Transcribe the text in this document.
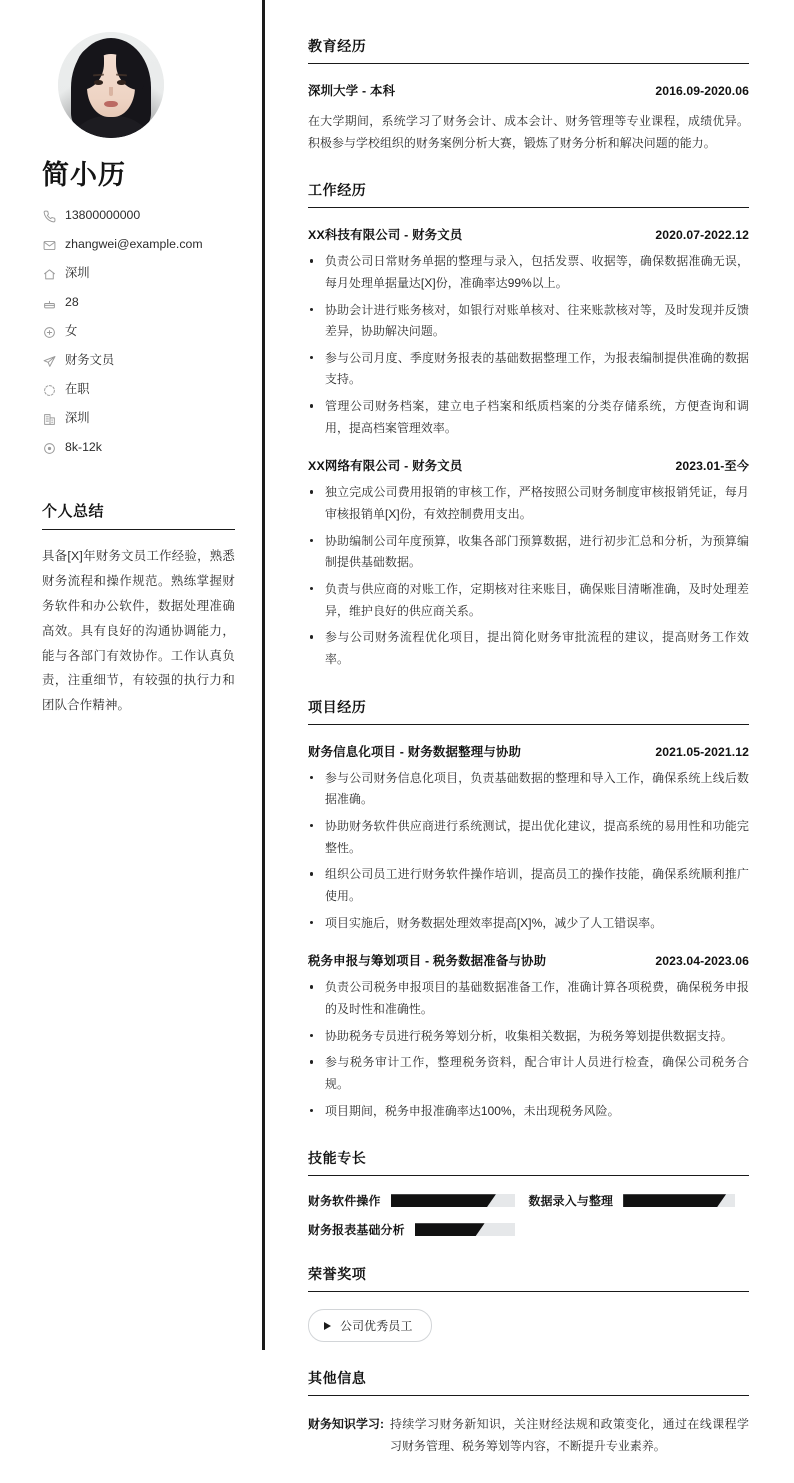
简小历
13800000000
zhangwei@example.com
深圳
28
女
财务文员
在职
深圳
8k-12k
个人总结

具备[X]年财务文员工作经验，熟悉财务流程和操作规范。熟练掌握财务软件和办公软件，数据处理准确高效。具有良好的沟通协调能力，能与各部门有效协作。工作认真负责，注重细节，有较强的执行力和团队合作精神。

教育经历
深圳大学 - 本科	2016.09-2020.06

在大学期间，系统学习了财务会计、成本会计、财务管理等专业课程，成绩优异。积极参与学校组织的财务案例分析大赛，锻炼了财务分析和解决问题的能力。

工作经历
XX科技有限公司 - 财务文员	2020.07-2022.12
负责公司日常财务单据的整理与录入，包括发票、收据等，确保数据准确无误，每月处理单据量达[X]份，准确率达99%以上。
协助会计进行账务核对，如银行对账单核对、往来账款核对等，及时发现并反馈差异，协助解决问题。
参与公司月度、季度财务报表的基础数据整理工作，为报表编制提供准确的数据支持。
管理公司财务档案，建立电子档案和纸质档案的分类存储系统，方便查询和调用，提高档案管理效率。
XX网络有限公司 - 财务文员	2023.01-至今
独立完成公司费用报销的审核工作，严格按照公司财务制度审核报销凭证，每月审核报销单[X]份，有效控制费用支出。
协助编制公司年度预算，收集各部门预算数据，进行初步汇总和分析，为预算编制提供基础数据。
负责与供应商的对账工作，定期核对往来账目，确保账目清晰准确，及时处理差异，维护良好的供应商关系。
参与公司财务流程优化项目，提出简化财务审批流程的建议，提高财务工作效率。
项目经历
财务信息化项目 - 财务数据整理与协助	2021.05-2021.12
参与公司财务信息化项目，负责基础数据的整理和导入工作，确保系统上线后数据准确。
协助财务软件供应商进行系统测试，提出优化建议，提高系统的易用性和功能完整性。
组织公司员工进行财务软件操作培训，提高员工的操作技能，确保系统顺利推广使用。
项目实施后，财务数据处理效率提高[X]%，减少了人工错误率。
税务申报与筹划项目 - 税务数据准备与协助	2023.04-2023.06
负责公司税务申报项目的基础数据准备工作，准确计算各项税费，确保税务申报的及时性和准确性。
协助税务专员进行税务筹划分析，收集相关数据，为税务筹划提供数据支持。
参与税务审计工作，整理税务资料，配合审计人员进行检查，确保公司税务合规。
项目期间，税务申报准确率达100%，未出现税务风险。
技能专长
财务软件操作	数据录入与整理
财务报表基础分析
荣誉奖项
公司优秀员工
其他信息
财务知识学习: 持续学习财务新知识，关注财经法规和政策变化，通过在线课程学习财务管理、税务筹划等内容，不断提升专业素养。
